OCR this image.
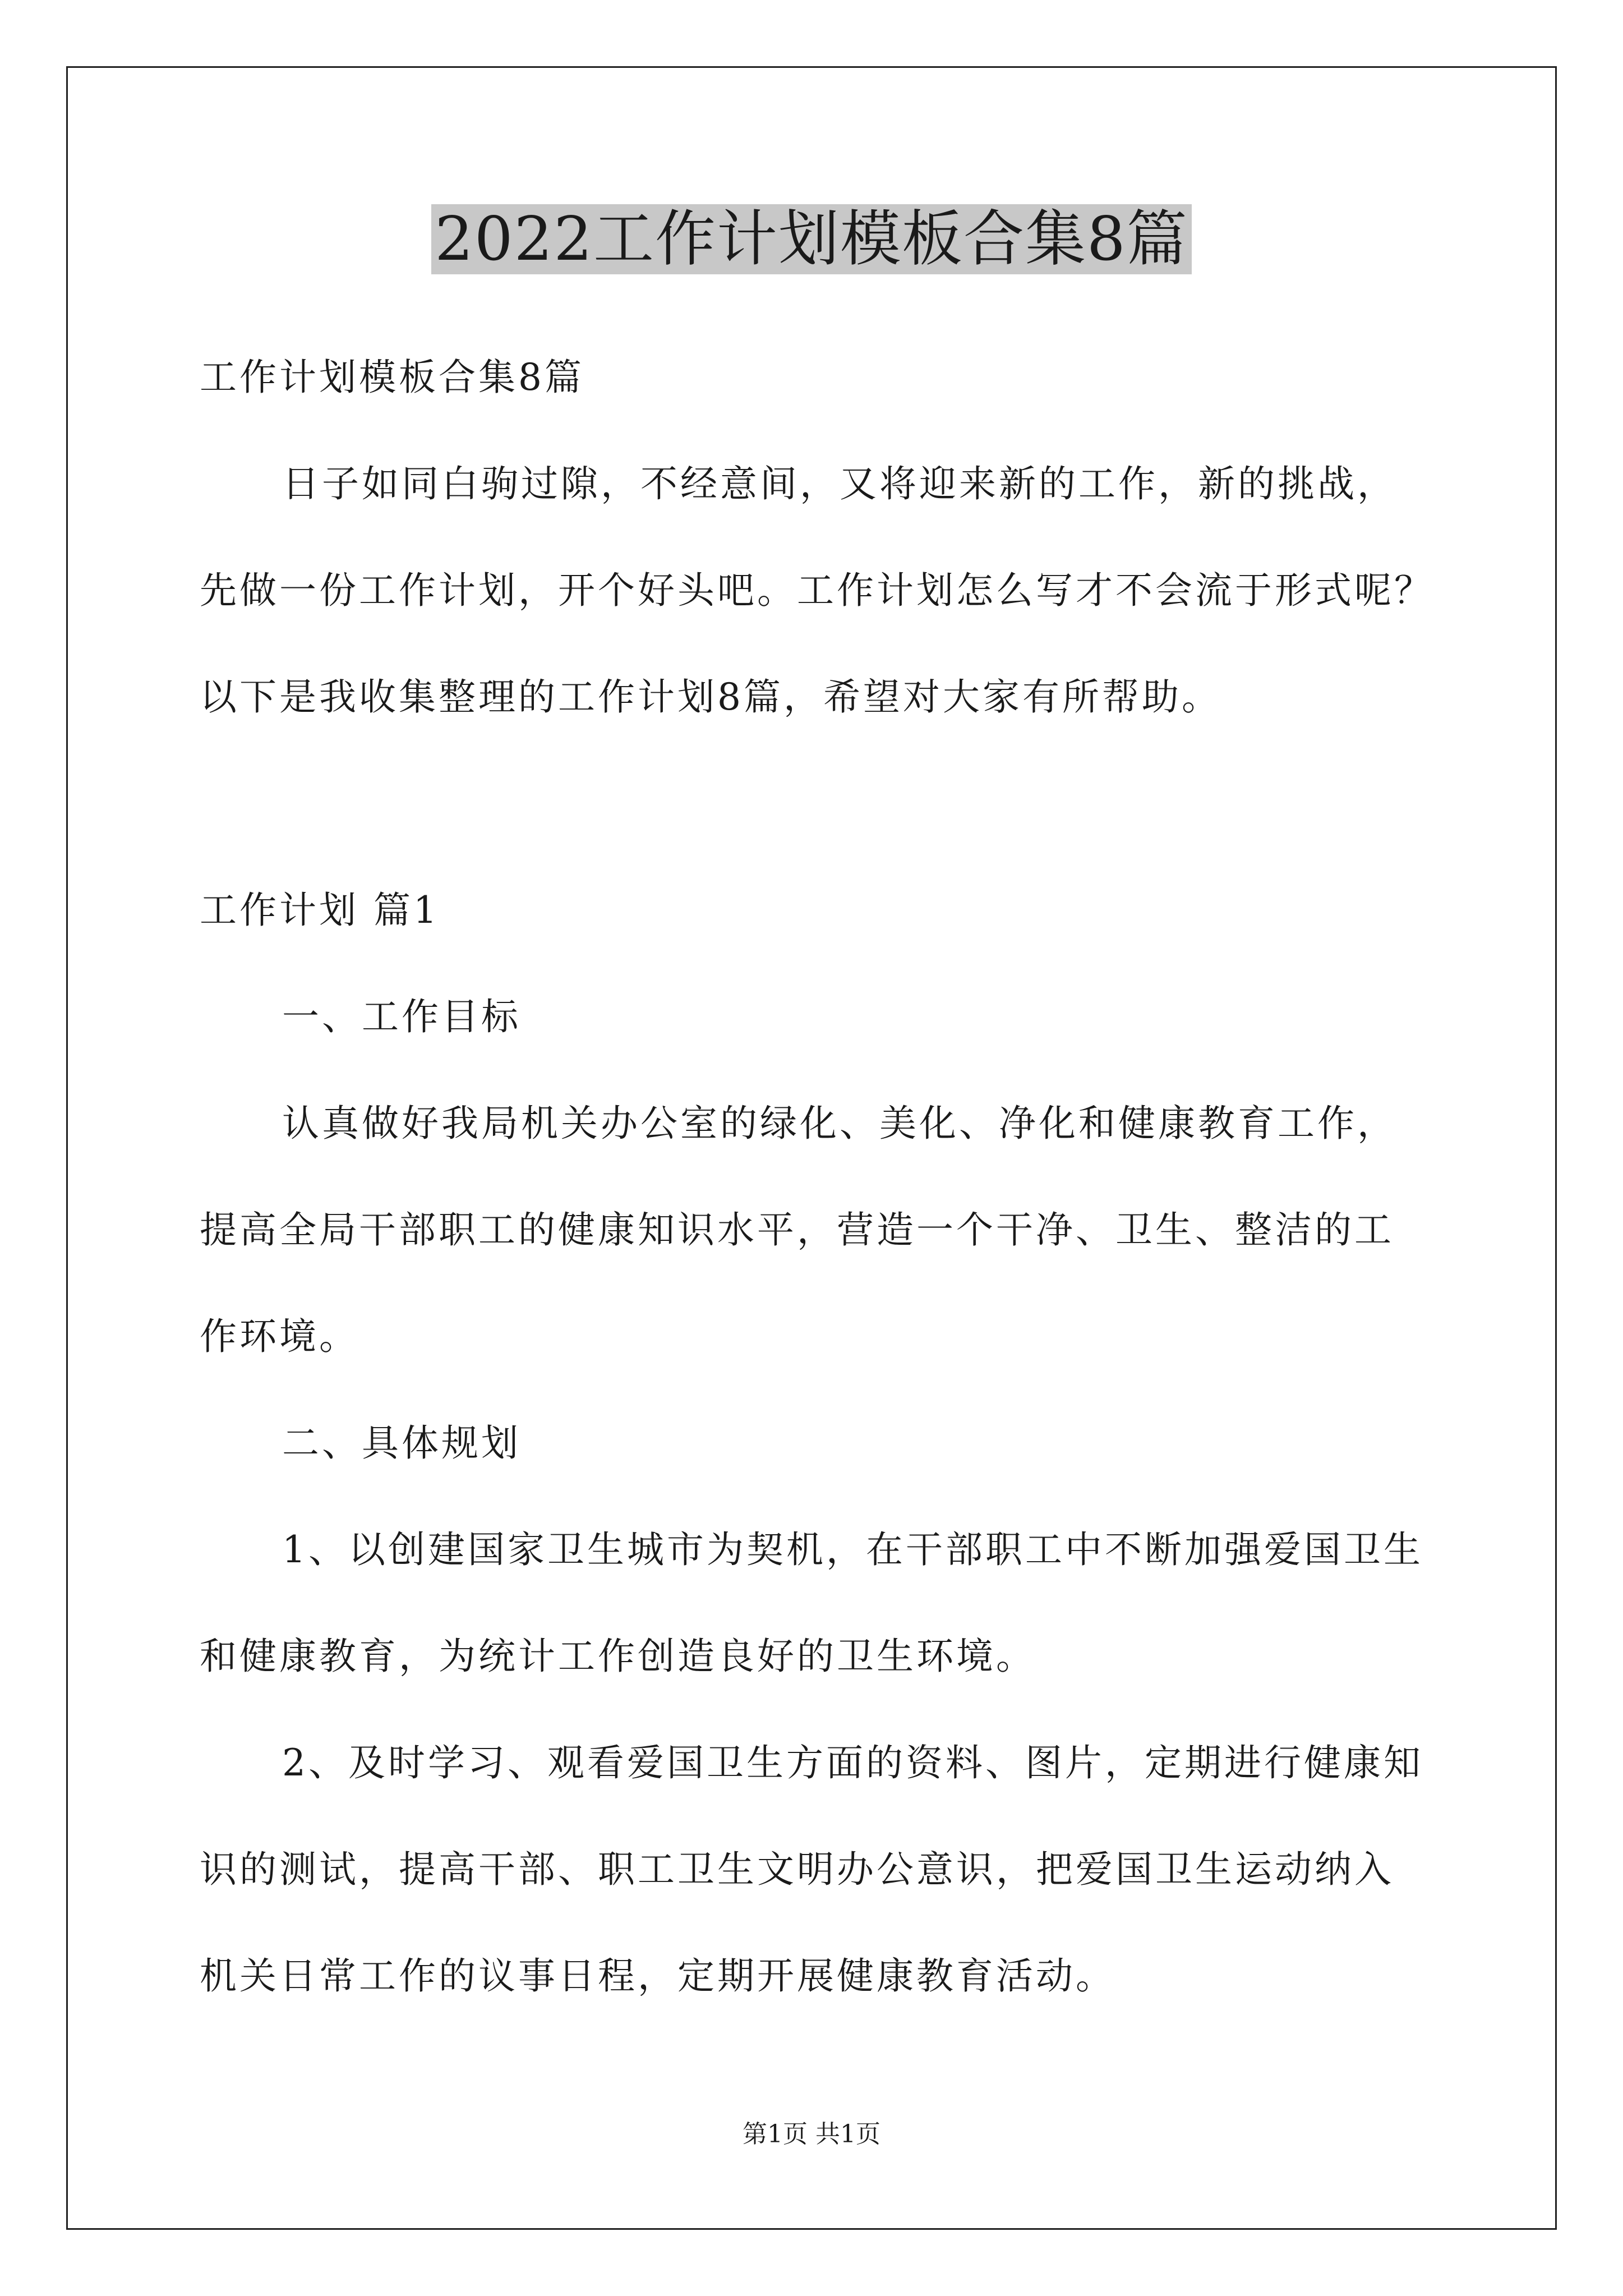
2022工作计划模板合集8篇
工作计划模板合集8篇
日子如同白驹过隙，不经意间，又将迎来新的工作，新的挑战，
先做一份工作计划，开个好头吧。工作计划怎么写才不会流于形式呢？
以下是我收集整理的工作计划8篇，希望对大家有所帮助。
工作计划 篇1
一、工作目标
认真做好我局机关办公室的绿化、美化、净化和健康教育工作，
提高全局干部职工的健康知识水平，营造一个干净、卫生、整洁的工
作环境。
二、具体规划
1、以创建国家卫生城市为契机，在干部职工中不断加强爱国卫生
和健康教育，为统计工作创造良好的卫生环境。
2、及时学习、观看爱国卫生方面的资料、图片，定期进行健康知
识的测试，提高干部、职工卫生文明办公意识，把爱国卫生运动纳入
机关日常工作的议事日程，定期开展健康教育活动。
第1页 共1页
